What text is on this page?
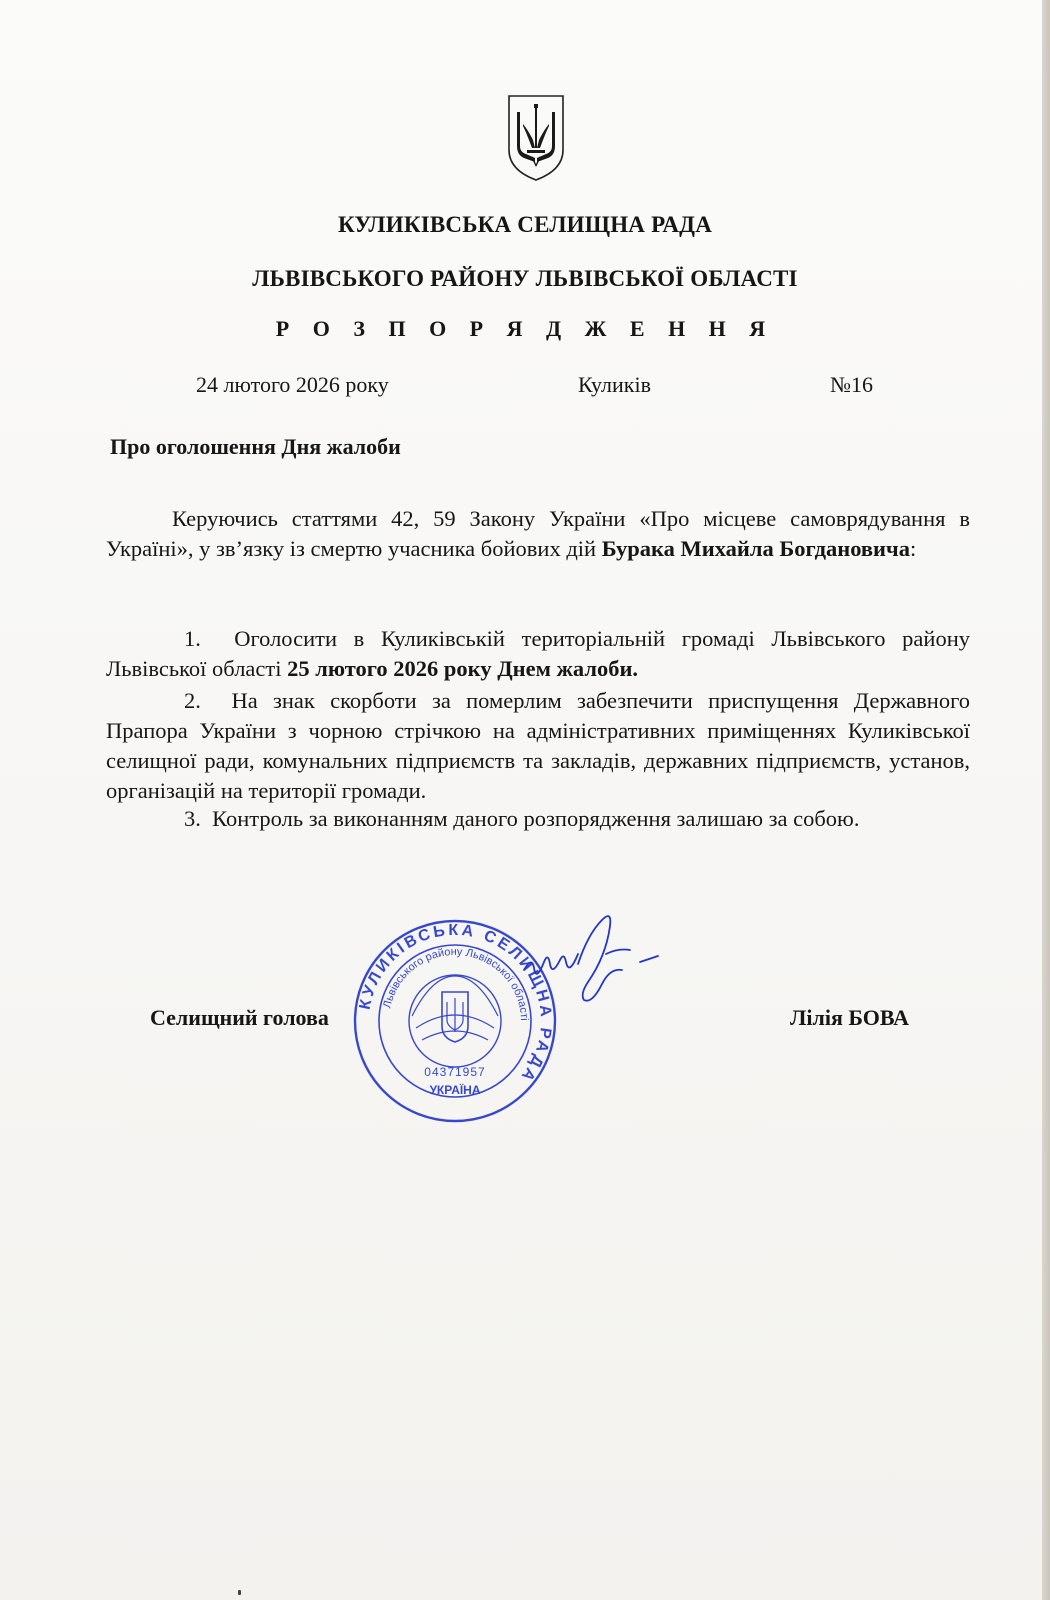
КУЛИКІВСЬКА СЕЛИЩНА РАДА
ЛЬВІВСЬКОГО РАЙОНУ ЛЬВІВСЬКОЇ ОБЛАСТІ
Р О З П О Р Я Д Ж Е Н Н Я
24 лютого 2026 року	Куликів	№16
Про оголошення Дня жалоби
Керуючись статтями 42, 59 Закону України «Про місцеве самоврядування в Україні», у зв’язку із смертю учасника бойових дій Бурака Михайла Богдановича:
1. Оголосити в Куликівській територіальній громаді Львівського району Львівської області 25 лютого 2026 року Днем жалоби.
2. На знак скорботи за померлим забезпечити приспущення Державного Прапора України з чорною стрічкою на адміністративних приміщеннях Куликівської селищної ради, комунальних підприємств та закладів, державних підприємств, установ, організацій на території громади.
3. Контроль за виконанням даного розпорядження залишаю за собою.
Селищний голова	Лілія БОВА
КУЛИКІВСЬКА СЕЛИЩНА РАДА
Львівського району Львівської області
04371957
УКРАЇНА
